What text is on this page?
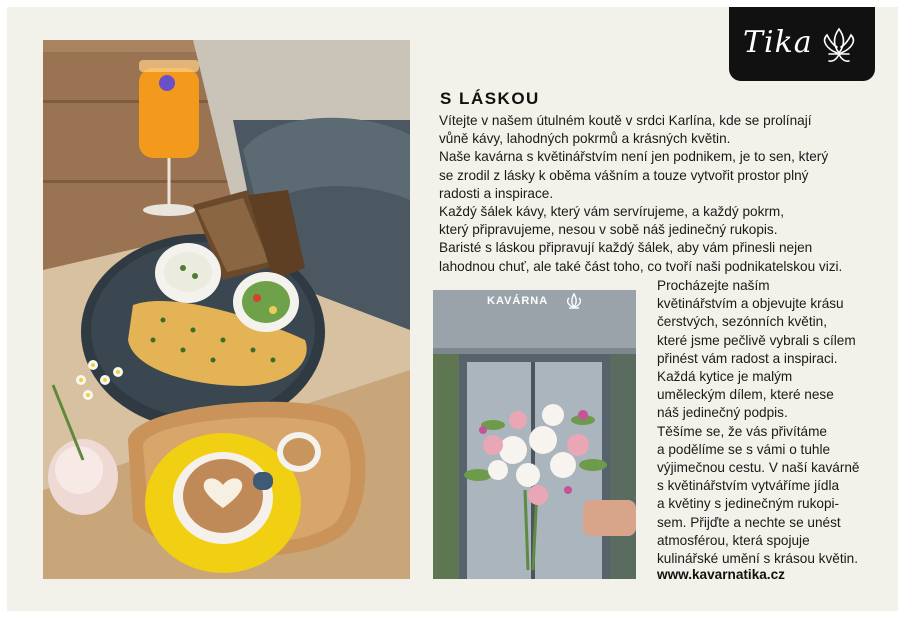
Tika
KAVÁRNA
S LÁSKOU
Vítejte v našem útulném koutě v srdci Karlína, kde se prolínají
vůně kávy, lahodných pokrmů a krásných květin.
Naše kavárna s květinářstvím není jen podnikem, je to sen, který
se zrodil z lásky k oběma vášním a touze vytvořit prostor plný
radosti a inspirace.
Každý šálek kávy, který vám servírujeme, a každý pokrm,
který připravujeme, nesou v sobě náš jedinečný rukopis.
Baristé s láskou připravují každý šálek, aby vám přinesli nejen
lahodnou chuť, ale také část toho, co tvoří naši podnikatelskou vizi.
Procházejte naším
květinářstvím a objevujte krásu
čerstvých, sezónních květin,
které jsme pečlivě vybrali s cílem
přinést vám radost a inspiraci.
Každá kytice je malým
uměleckým dílem, které nese
náš jedinečný podpis.
Těšíme se, že vás přivítáme
a podělíme se s vámi o tuhle
výjimečnou cestu. V naší kavárně
s květinářstvím vytváříme jídla
a květiny s jedinečným rukopi-
sem. Přijďte a nechte se unést
atmosférou, která spojuje
kulinářské umění s krásou květin.
www.kavarnatika.cz
